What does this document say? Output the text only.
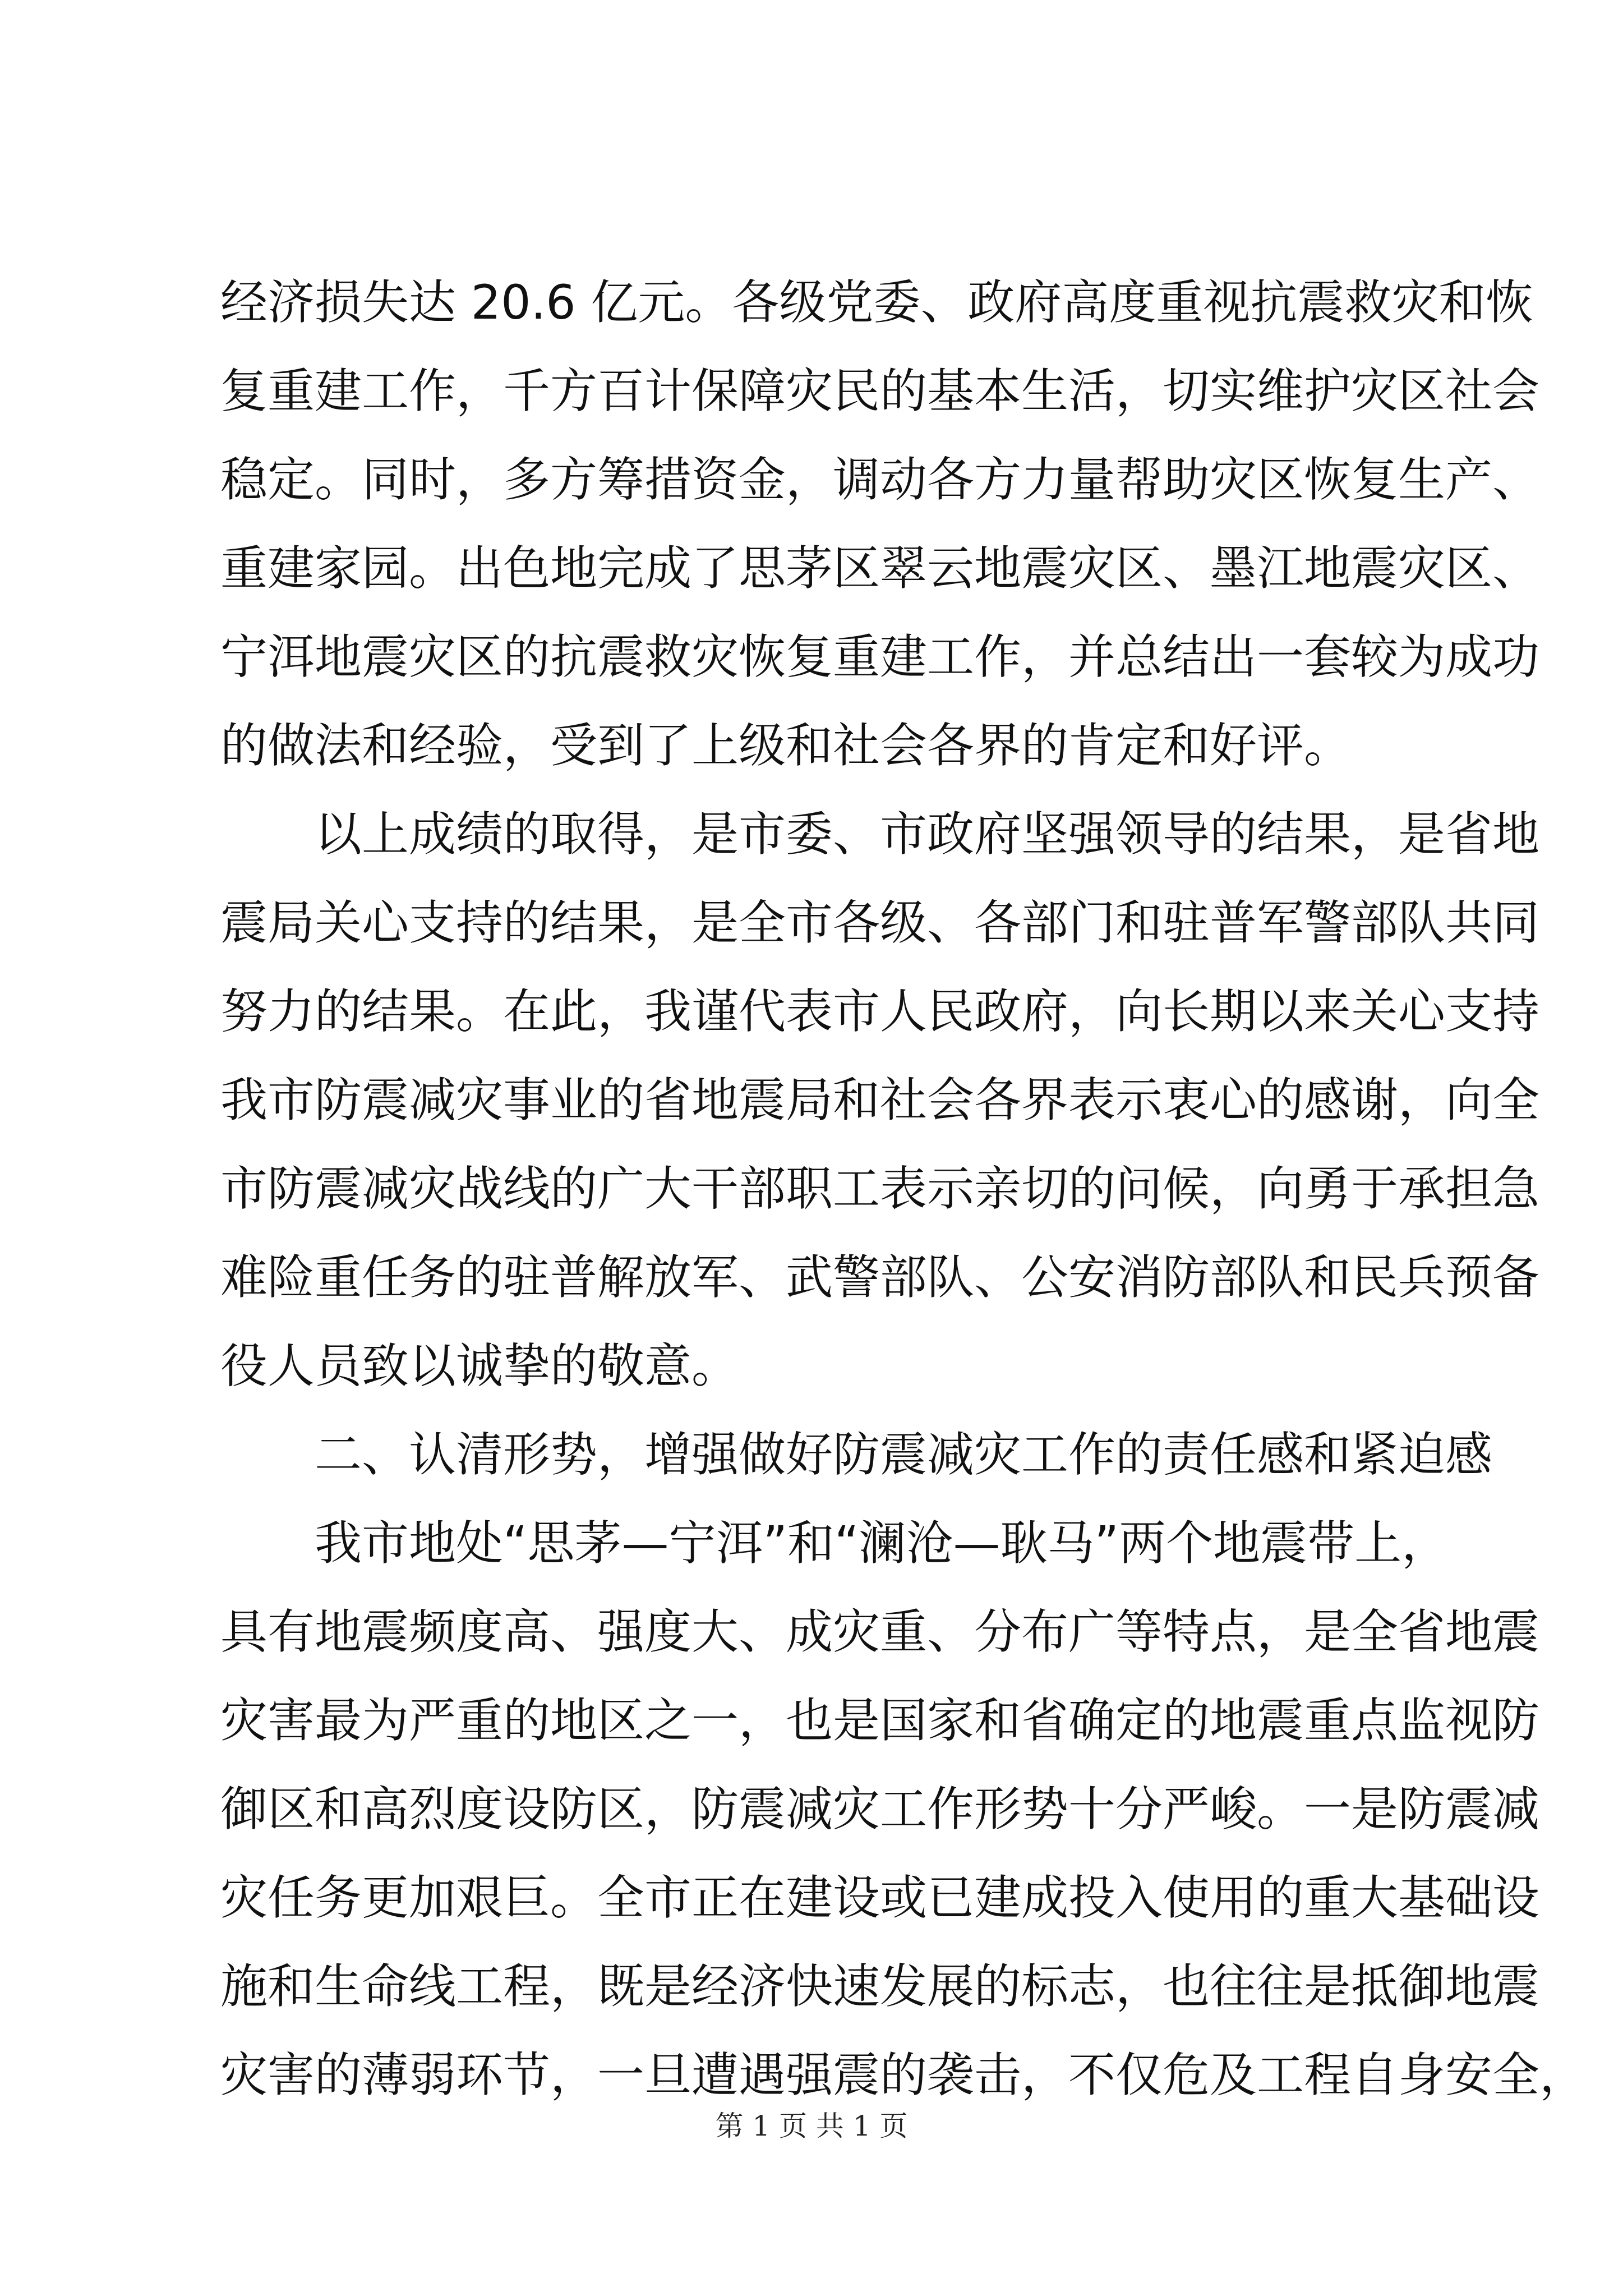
经济损失达 20.6 亿元。各级党委、政府高度重视抗震救灾和恢
复重建工作，千方百计保障灾民的基本生活，切实维护灾区社会
稳定。同时，多方筹措资金，调动各方力量帮助灾区恢复生产、
重建家园。出色地完成了思茅区翠云地震灾区、墨江地震灾区、
宁洱地震灾区的抗震救灾恢复重建工作，并总结出一套较为成功
的做法和经验，受到了上级和社会各界的肯定和好评。
以上成绩的取得，是市委、市政府坚强领导的结果，是省地
震局关心支持的结果，是全市各级、各部门和驻普军警部队共同
努力的结果。在此，我谨代表市人民政府，向长期以来关心支持
我市防震减灾事业的省地震局和社会各界表示衷心的感谢，向全
市防震减灾战线的广大干部职工表示亲切的问候，向勇于承担急
难险重任务的驻普解放军、武警部队、公安消防部队和民兵预备
役人员致以诚挚的敬意。
二、认清形势，增强做好防震减灾工作的责任感和紧迫感
我市地处“思茅—宁洱”和“澜沧—耿马”两个地震带上，
具有地震频度高、强度大、成灾重、分布广等特点，是全省地震
灾害最为严重的地区之一，也是国家和省确定的地震重点监视防
御区和高烈度设防区，防震减灾工作形势十分严峻。一是防震减
灾任务更加艰巨。全市正在建设或已建成投入使用的重大基础设
施和生命线工程，既是经济快速发展的标志，也往往是抵御地震
灾害的薄弱环节，一旦遭遇强震的袭击，不仅危及工程自身安全，
第 1 页 共 1 页
